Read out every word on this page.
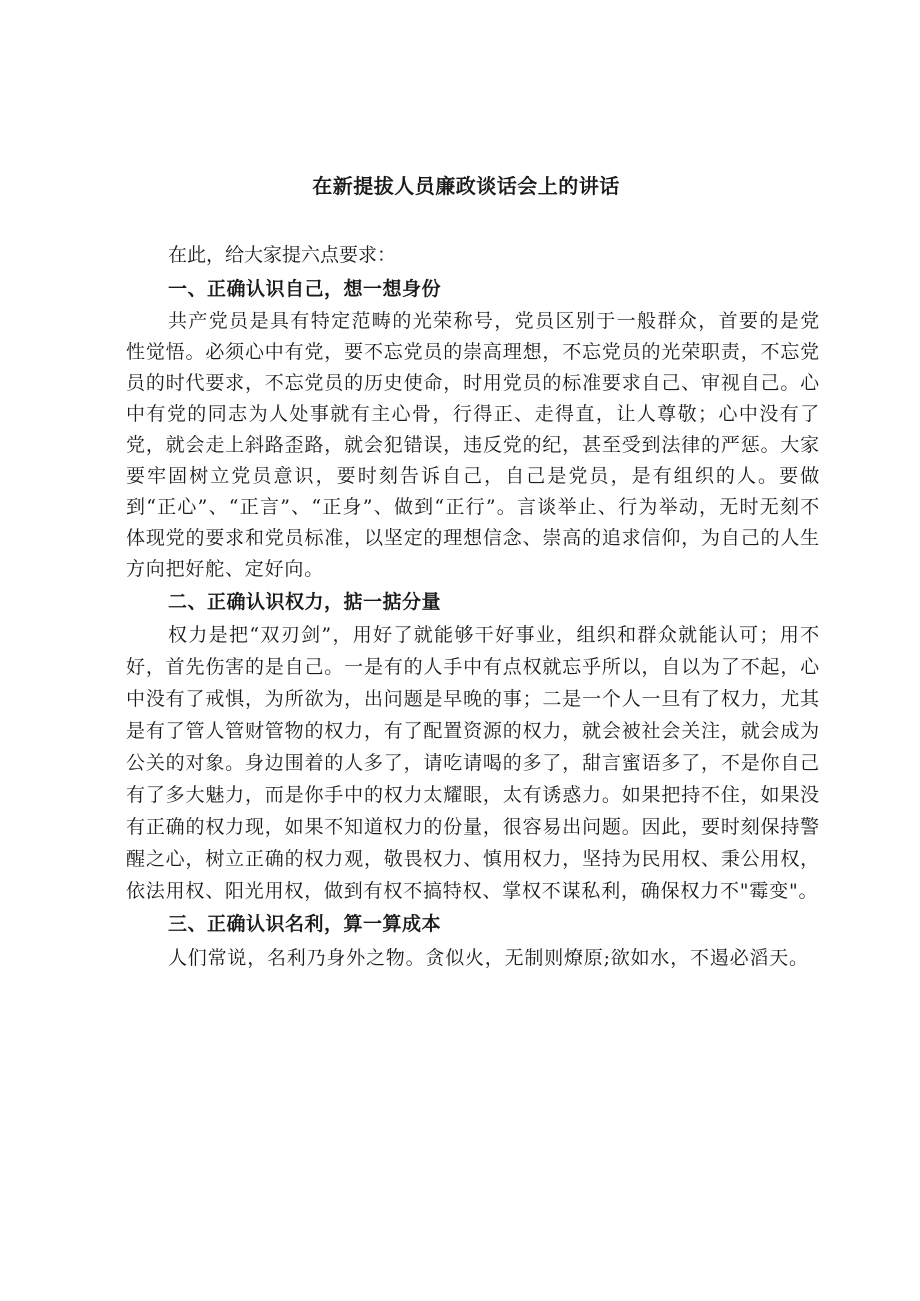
在新提拔人员廉政谈话会上的讲话

在此，给大家提六点要求：

一、正确认识自己，想一想身份

共产党员是具有特定范畴的光荣称号，党员区别于一般群众，首要的是党性觉悟。必须心中有党，要不忘党员的崇高理想，不忘党员的光荣职责，不忘党员的时代要求，不忘党员的历史使命，时用党员的标准要求自己、审视自己。心中有党的同志为人处事就有主心骨，行得正、走得直，让人尊敬；心中没有了党，就会走上斜路歪路，就会犯错误，违反党的纪，甚至受到法律的严惩。大家要牢固树立党员意识，要时刻告诉自己，自己是党员，是有组织的人。要做到“正心”、“正言”、“正身”、做到“正行”。言谈举止、行为举动，无时无刻不体现党的要求和党员标准，以坚定的理想信念、崇高的追求信仰，为自己的人生方向把好舵、定好向。

二、正确认识权力，掂一掂分量

权力是把“双刃剑”，用好了就能够干好事业，组织和群众就能认可；用不好，首先伤害的是自己。一是有的人手中有点权就忘乎所以，自以为了不起，心中没有了戒惧，为所欲为，出问题是早晚的事；二是一个人一旦有了权力，尤其是有了管人管财管物的权力，有了配置资源的权力，就会被社会关注，就会成为公关的对象。身边围着的人多了，请吃请喝的多了，甜言蜜语多了，不是你自己有了多大魅力，而是你手中的权力太耀眼，太有诱惑力。如果把持不住，如果没有正确的权力现，如果不知道权力的份量，很容易出问题。因此，要时刻保持警醒之心，树立正确的权力观，敬畏权力、慎用权力，坚持为民用权、秉公用权，依法用权、阳光用权，做到有权不搞特权、掌权不谋私利，确保权力不"霉变"。

三、正确认识名利，算一算成本

人们常说，名利乃身外之物。贪似火，无制则燎原;欲如水，不遏必滔天。
